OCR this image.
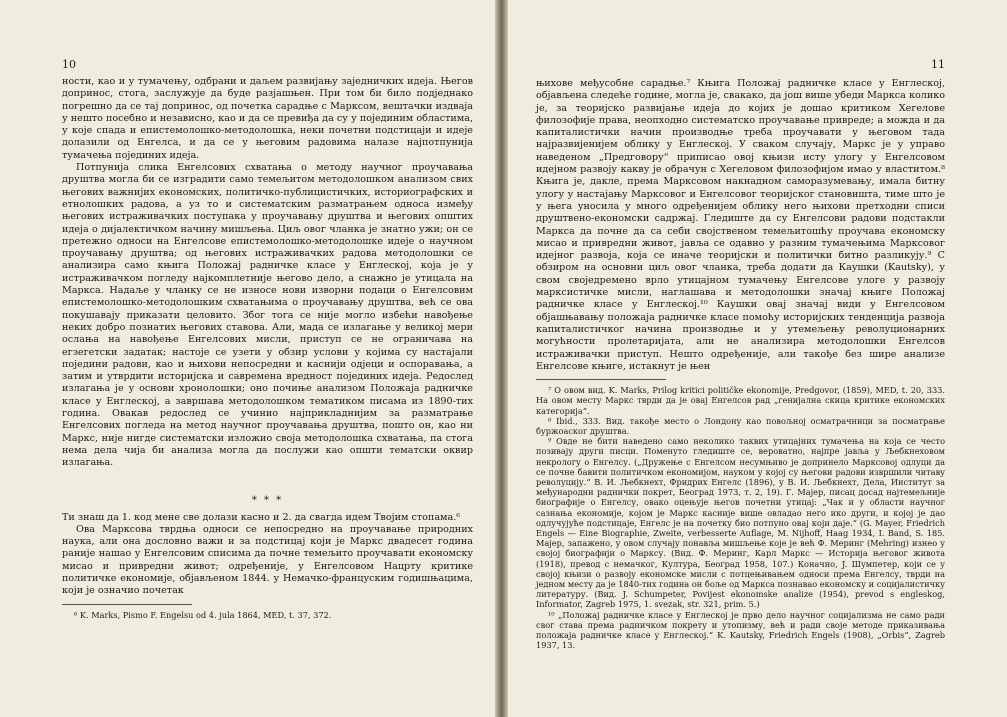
10

ности, као и у тумачењу, одбрани и даљем развијању заједничких идеја. Његов допринос, стога, заслужује да буде разјашњен. При том би било подједнако погрешно да се тај допринос, од почетка сарадње с Марксом, вештачки издваја у нешто посебно и независно, као и да се превиђа да су у појединим областима, у које спада и епистемолошко-методолошка, неки почетни подстицаји и идеје долазили од Енгелса, и да се у његовим радовима налазе најпотпунија тумачења појединих идеја.

Потпунија слика Енгелсових схватања о методу научног проучавања друштва могла би се изградити само темељитом методолошком анализом свих његових важнијих економских, политичко-публицистичких, историографских и етнолошких радова, а уз то и систематским разматрањем односа између његових истраживачких поступака у проучавању друштва и његових општих идеја о дијалектичком начину мишљења. Циљ овог чланка је знатно ужи; он се претежно односи на Енгелсове епистемолошко-методолошке идеје о научном проучавању друштва; од његових истраживачких радова методолошки се анализира само књига Положај радничке класе у Енглеској, која је у истраживачком погледу најкомплетније његово дело, а снажно је утицала на Маркса. Надаље у чланку се не износе нови изворни подаци о Енгелсовим епистемолошко-методолошким схватањима о проучавању друштва, већ се ова покушавају приказати целовито. Због тога се није могло избећи навођење неких добро познатих његових ставова. Али, мада се излагање у великој мери ослања на навођење Енгелсових мисли, приступ се не ограничава на егзегетски задатак; настоје се узети у обзир услови у којима су настајали поједини радови, као и њихови непосредни и каснији одјеци и оспоравања, а затим и утврдити историјска и савремена вредност појединих идеја. Редослед излагања је у основи хронолошки; оно почиње анализом Положаја радничке класе у Енглеској, а завршава методолошком тематиком писама из 1890-тих година. Овакав редослед се учинио најприкладнијим за разматрање Енгелсових погледа на метод научног проучавања друштва, пошто он, као ни Маркс, није нигде систематски изложио своја методолошка схватања, па стога нема дела чија би анализа могла да послужи као општи тематски оквир излагања.

* * *

Ти знаш да 1. код мене све долази касно и 2. да свагда идем Твојим стопама.⁶

Ова Марксова тврдња односи се непосредно на проучавање природних наука, али она дословно важи и за подстицај који је Маркс двадесет година раније нашао у Енгелсовим списима да почне темељито проучавати економску мисао и привредни живот; одређеније, у Енгелсовом Нацрту критике политичке економије, објављеном 1844. у Немачко-француским годишњацима, који је означио почетак

⁶ K. Marks, Pismo F. Engelsu od 4. jula 1864, MED, t. 37, 372.

11

њихове међусобне сарадње.⁷ Књига Положај радничке класе у Енглеској, објављена следеће године, могла је, свакако, да још више убеди Маркса колико је, за теоријско развијање идеја до којих је дошао критиком Хегелове филозофије права, неопходно систематско проучавање привреде; а можда и да капиталистички начин производње треба проучавати у његовом тада најразвијенијем облику у Енглеској. У сваком случају, Маркс је у управо наведеном „Предговору“ приписао овој књизи исту улогу у Енгелсовом идејном развоју какву је обрачун с Хегеловом филозофијом имао у властитом.⁸ Књига је, дакле, према Марксовом накнадном саморазумевању, имала битну улогу у настајању Марксовог и Енгелсовог теоријског становишта, тиме што је у њега уносила у много одређенијем облику него њихови претходни списи друштвено-економски садржај. Гледиште да су Енгелсови радови подстакли Маркса да почне да са себи својственом темељитошћу проучава економску мисао и привредни живот, јавља се одавно у разним тумачењима Марксовог идејног развоја, која се иначе теоријски и политички битно разликују.⁹ С обзиром на основни циљ овог чланка, треба додати да Каушки (Kautsky), у свом своједремено врло утицајном тумачењу Енгелсове улоге у развоју марксистичке мисли, наглашава и методолошки значај књиге Положај радничке класе у Енглеској.¹⁰ Каушки овај значај види у Енгелсовом објашњавању положаја радничке класе помоћу историјских тенденција развоја капиталистичког начина производње и у утемељењу револуционарних могућности пролетаријата, али не анализира методолошки Енгелсов истраживачки приступ. Нешто одређеније, али такође без шире анализе Енгелсове књиге, истакнут је њен

⁷ О овом вид. K. Marks, Prilog kritici političke ekonomije, Predgovor, (1859), MED, t. 20, 333. На овом месту Маркс тврди да је овај Енгелсов рад „генијална скица критике економских категорија“.

⁸ Ibid., 333. Вид. такође место о Лондону као повољној осматрачници за посматрање буржоаског друштва.

⁹ Овде не бити наведено само неколико таквих утицајних тумачења на која се често позивају други писци. Поменуто гледиште се, вероватно, најпре јавља у Љебкнеховом некрологу о Енгелсу. („Дружење с Енгелсом несумњиво је допринело Марксовој одлуци да се почне бавити политичком економијом, науком у којој су његови радови извршили читаву револуцију.“ В. И. Љебкнехт, Фридрих Енгелс (1896), у В. И. Љебкнехт, Дела, Институт за међународни раднички покрет, Београд 1973, т. 2, 19). Г. Мајер, писац досад најтемељније биографије о Енгелсу, овако оцењује његов почетни утицај: „Чак и у области научног сазнања економије, којом је Маркс касније више овладао него ико други, и којој је дао одлучујуће подстицаје, Енгелс је на почетку био потпуно овај који даје.“ (G. Mayer, Friedrich Engels — Eine Biographie, Zweite, verbesserte Auflage, M. Nijhoff, Haag 1934, I. Band, S. 185. Мајер, запажено, у овом случају понавља мишљење које је већ Ф. Меринг (Mehring) изнео у својој биографији о Марксу. (Вид. Ф. Меринг, Карл Маркс — Историја његовог живота (1918), превод с немачког, Култура, Београд 1958, 107.) Коначно, J. Шумпетер, који се у својој књизи о развоју економске мисли с потцењивањем односи према Енгелсу, тврди на једном месту да је 1840-тих година он боље од Маркса познавао економску и социјалистичку литературу. (Вид. J. Schumpeter, Povijest ekonomske analize (1954), prevod s engleskog, Informator, Zagreb 1975, 1. svezak, str. 321, prim. 5.)

¹⁰ „Положај радничке класе у Енглеској је прво дело научног социјализма не само ради свог става према радничком покрету и утопизму, већ и ради своје методе приказивања положаја радничке класе у Енглеској.“ K. Kautsky, Friedrich Engels (1908), „Orbis“, Zagreb 1937, 13.
